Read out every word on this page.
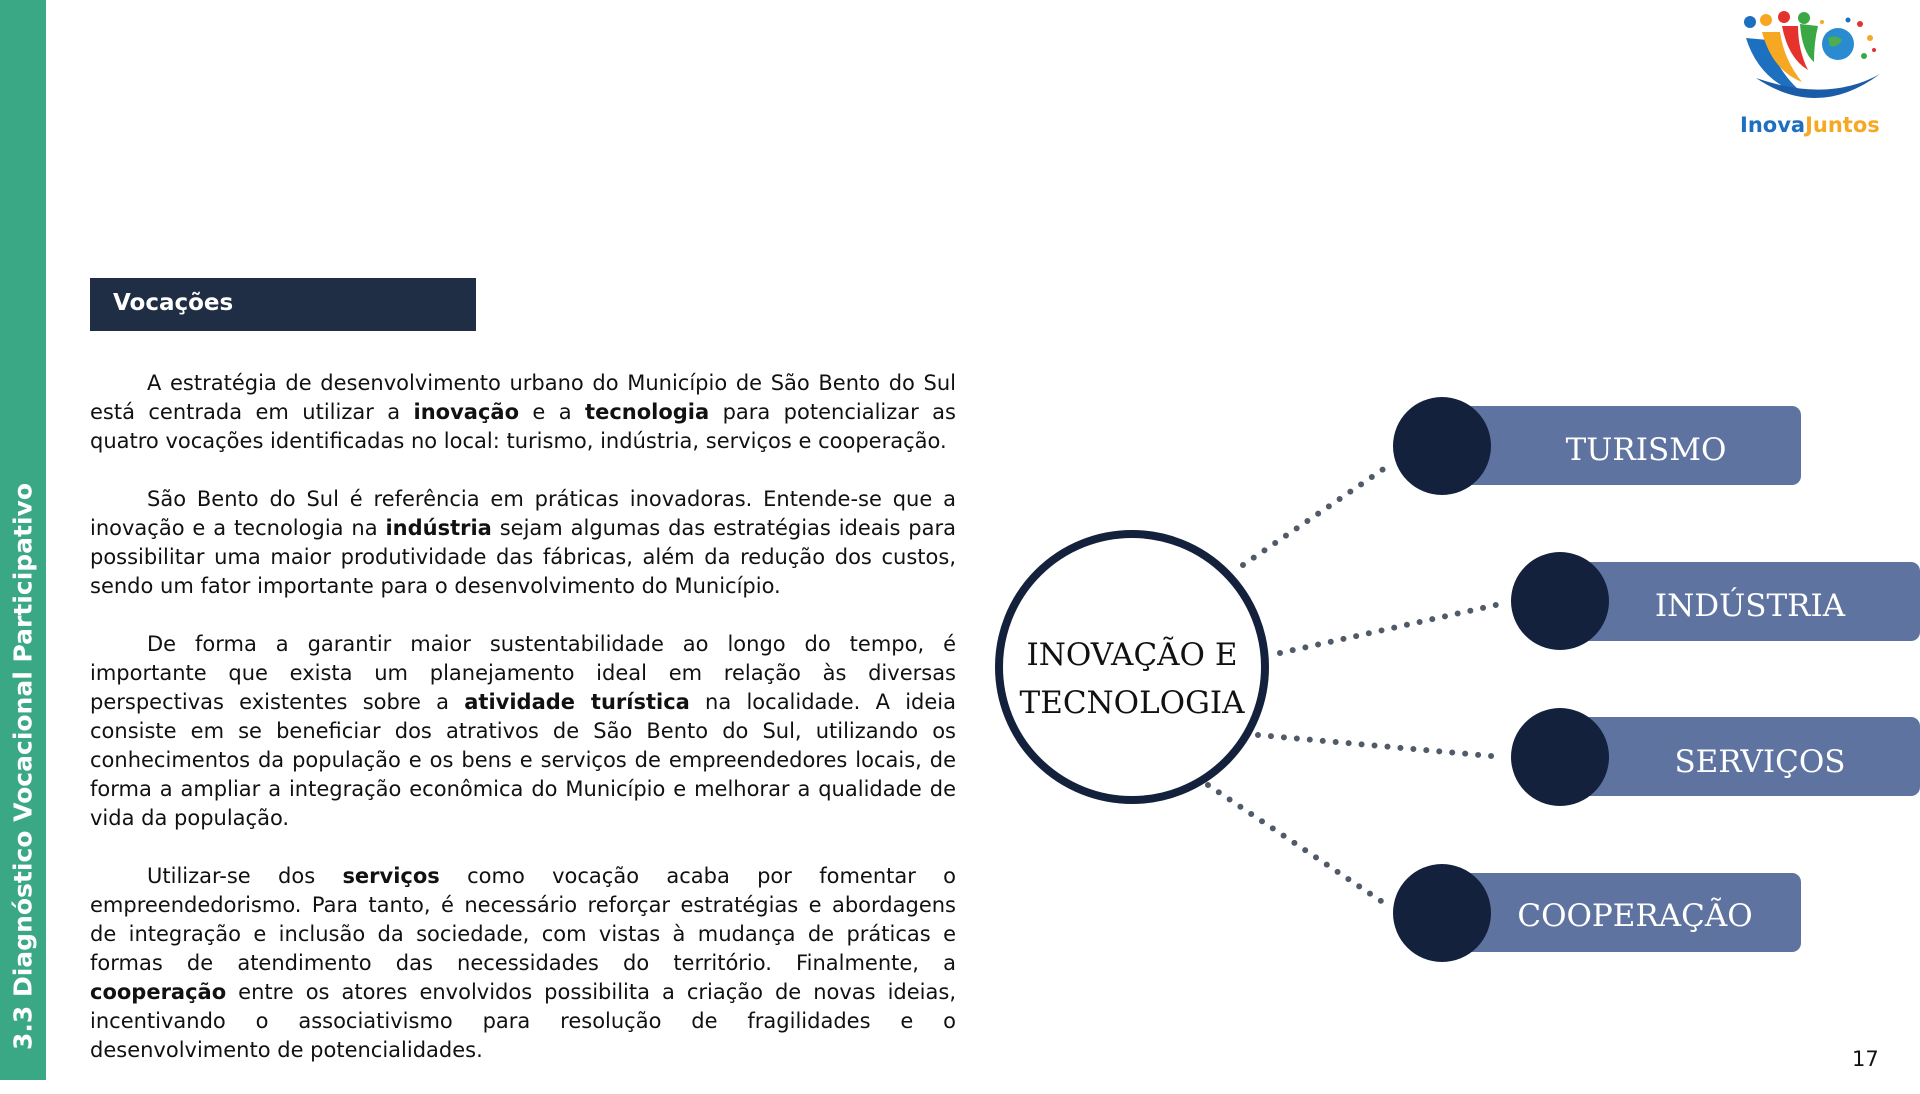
3.3 Diagnóstico Vocacional Participativo
InovaJuntos
Vocações

A estratégia de desenvolvimento urbano do Município de São Bento do Sul está centrada em utilizar a inovação e a tecnologia para potencializar as quatro vocações identificadas no local: turismo, indústria, serviços e cooperação.

São Bento do Sul é referência em práticas inovadoras. Entende-se que a inovação e a tecnologia na indústria sejam algumas das estratégias ideais para possibilitar uma maior produtividade das fábricas, além da redução dos custos, sendo um fator importante para o desenvolvimento do Município.

De forma a garantir maior sustentabilidade ao longo do tempo, é importante que exista um planejamento ideal em relação às diversas perspectivas existentes sobre a atividade turística na localidade. A ideia consiste em se beneficiar dos atrativos de São Bento do Sul, utilizando os conhecimentos da população e os bens e serviços de empreendedores locais, de forma a ampliar a integração econômica do Município e melhorar a qualidade de vida da população.

Utilizar-se dos serviços como vocação acaba por fomentar o empreendedorismo. Para tanto, é necessário reforçar estratégias e abordagens de integração e inclusão da sociedade, com vistas à mudança de práticas e formas de atendimento das necessidades do território. Finalmente, a cooperação entre os atores envolvidos possibilita a criação de novas ideias, incentivando o associativismo para resolução de fragilidades e o desenvolvimento de potencialidades.

INOVAÇÃO E
TECNOLOGIA
TURISMO
INDÚSTRIA
SERVIÇOS
COOPERAÇÃO
17
